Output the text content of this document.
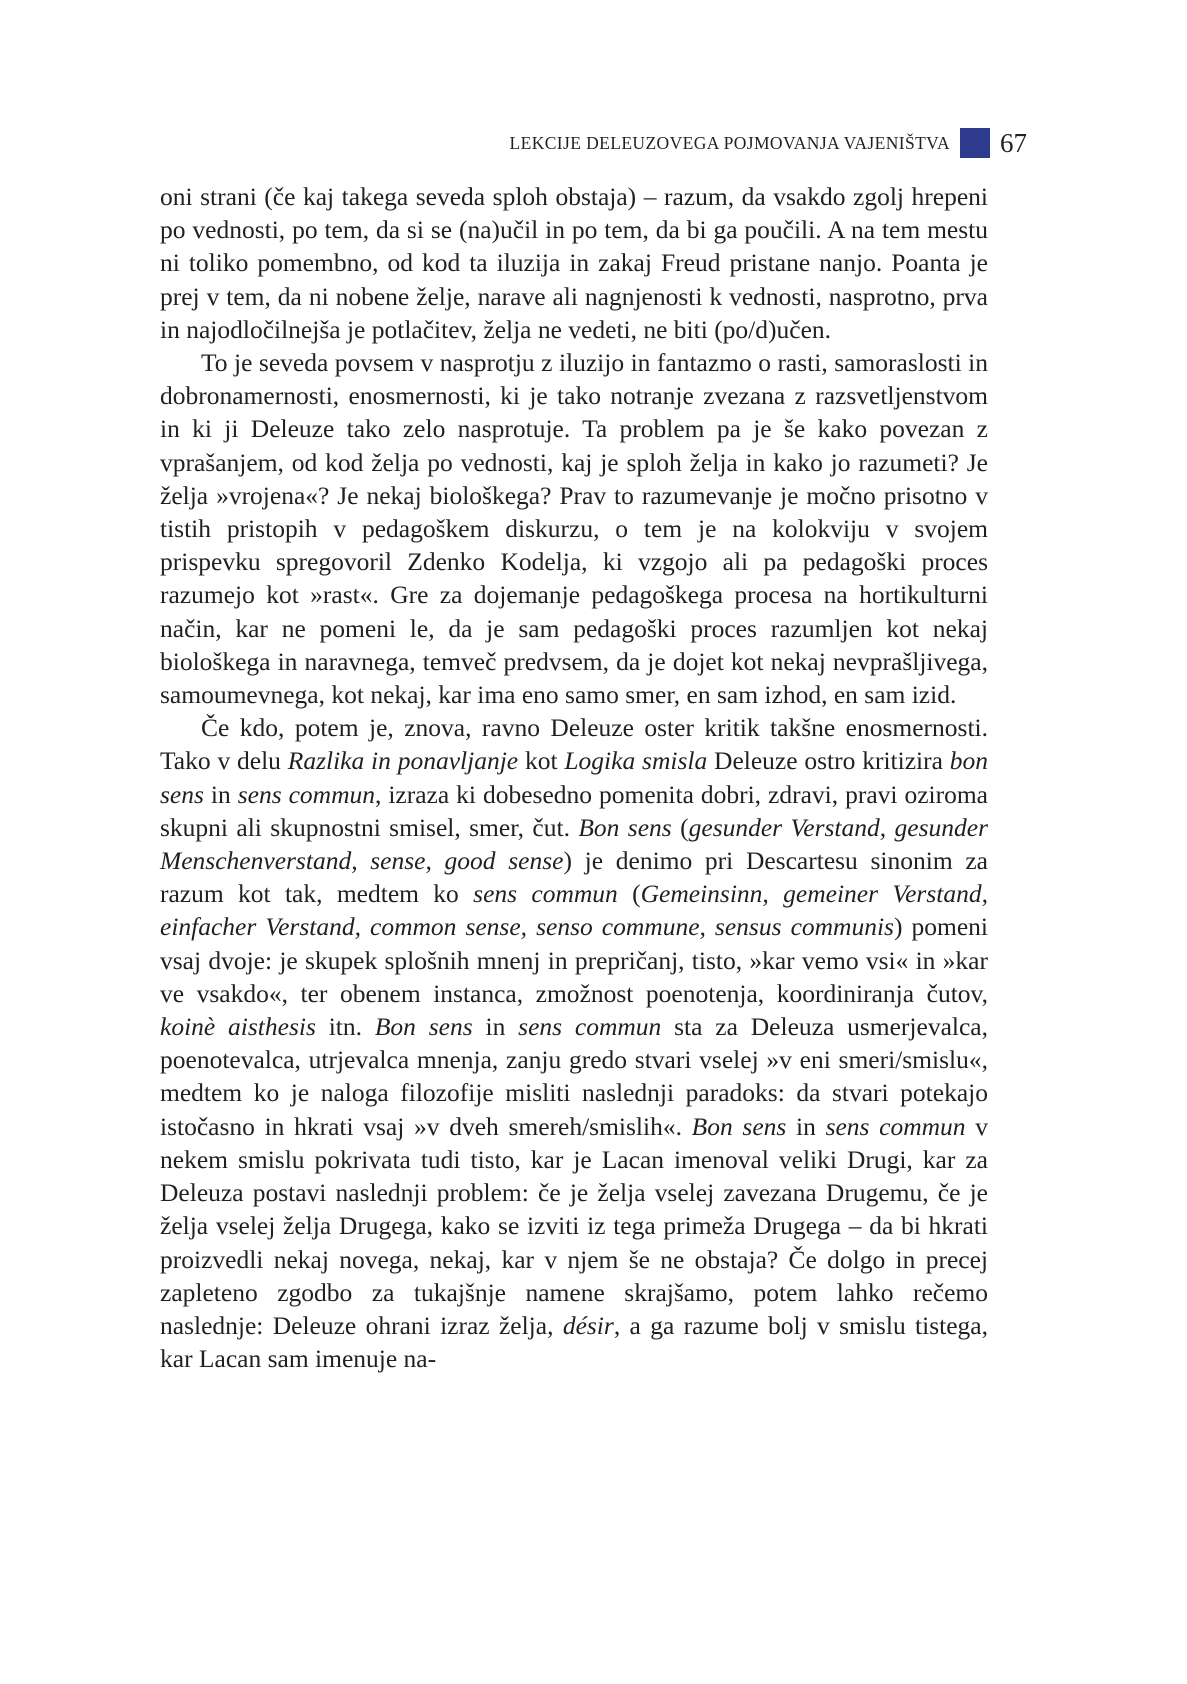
LEKCIJE DELEUZOVEGA POJMOVANJA VAJENIŠTVA 67

oni strani (če kaj takega seveda sploh obstaja) – razum, da vsakdo zgolj hrepeni po vednosti, po tem, da si se (na)učil in po tem, da bi ga poučili. A na tem mestu ni toliko pomembno, od kod ta iluzija in zakaj Freud pristane nanjo. Poanta je prej v tem, da ni nobene želje, narave ali nagnjenosti k vednosti, nasprotno, prva in najodločilnejša je potlačitev, želja ne vedeti, ne biti (po/d)učen.

To je seveda povsem v nasprotju z iluzijo in fantazmo o rasti, samoraslosti in dobronamernosti, enosmernosti, ki je tako notranje zvezana z razsvetljenstvom in ki ji Deleuze tako zelo nasprotuje. Ta problem pa je še kako povezan z vprašanjem, od kod želja po vednosti, kaj je sploh želja in kako jo razumeti? Je želja »vrojena«? Je nekaj biološkega? Prav to razumevanje je močno prisotno v tistih pristopih v pedagoškem diskurzu, o tem je na kolokviju v svojem prispevku spregovoril Zdenko Kodelja, ki vzgojo ali pa pedagoški proces razumejo kot »rast«. Gre za dojemanje pedagoškega procesa na hortikulturni način, kar ne pomeni le, da je sam pedagoški proces razumljen kot nekaj biološkega in naravnega, temveč predvsem, da je dojet kot nekaj nevprašljivega, samoumevnega, kot nekaj, kar ima eno samo smer, en sam izhod, en sam izid.

Če kdo, potem je, znova, ravno Deleuze oster kritik takšne enosmernosti. Tako v delu Razlika in ponavljanje kot Logika smisla Deleuze ostro kritizira bon sens in sens commun, izraza ki dobesedno pomenita dobri, zdravi, pravi oziroma skupni ali skupnostni smisel, smer, čut. Bon sens (gesunder Verstand, gesunder Menschenverstand, sense, good sense) je denimo pri Descartesu sinonim za razum kot tak, medtem ko sens commun (Gemeinsinn, gemeiner Verstand, einfacher Verstand, common sense, senso commune, sensus communis) pomeni vsaj dvoje: je skupek splošnih mnenj in prepričanj, tisto, »kar vemo vsi« in »kar ve vsakdo«, ter obenem instanca, zmožnost poenotenja, koordiniranja čutov, koinè aisthesis itn. Bon sens in sens commun sta za Deleuza usmerjevalca, poenotevalca, utrjevalca mnenja, zanju gredo stvari vselej »v eni smeri/smislu«, medtem ko je naloga filozofije misliti naslednji paradoks: da stvari potekajo istočasno in hkrati vsaj »v dveh smereh/smislih«. Bon sens in sens commun v nekem smislu pokrivata tudi tisto, kar je Lacan imenoval veliki Drugi, kar za Deleuza postavi naslednji problem: če je želja vselej zavezana Drugemu, če je želja vselej želja Drugega, kako se izviti iz tega primeža Drugega – da bi hkrati proizvedli nekaj novega, nekaj, kar v njem še ne obstaja? Če dolgo in precej zapleteno zgodbo za tukajšnje namene skrajšamo, potem lahko rečemo naslednje: Deleuze ohrani izraz želja, désir, a ga razume bolj v smislu tistega, kar Lacan sam imenuje na-
